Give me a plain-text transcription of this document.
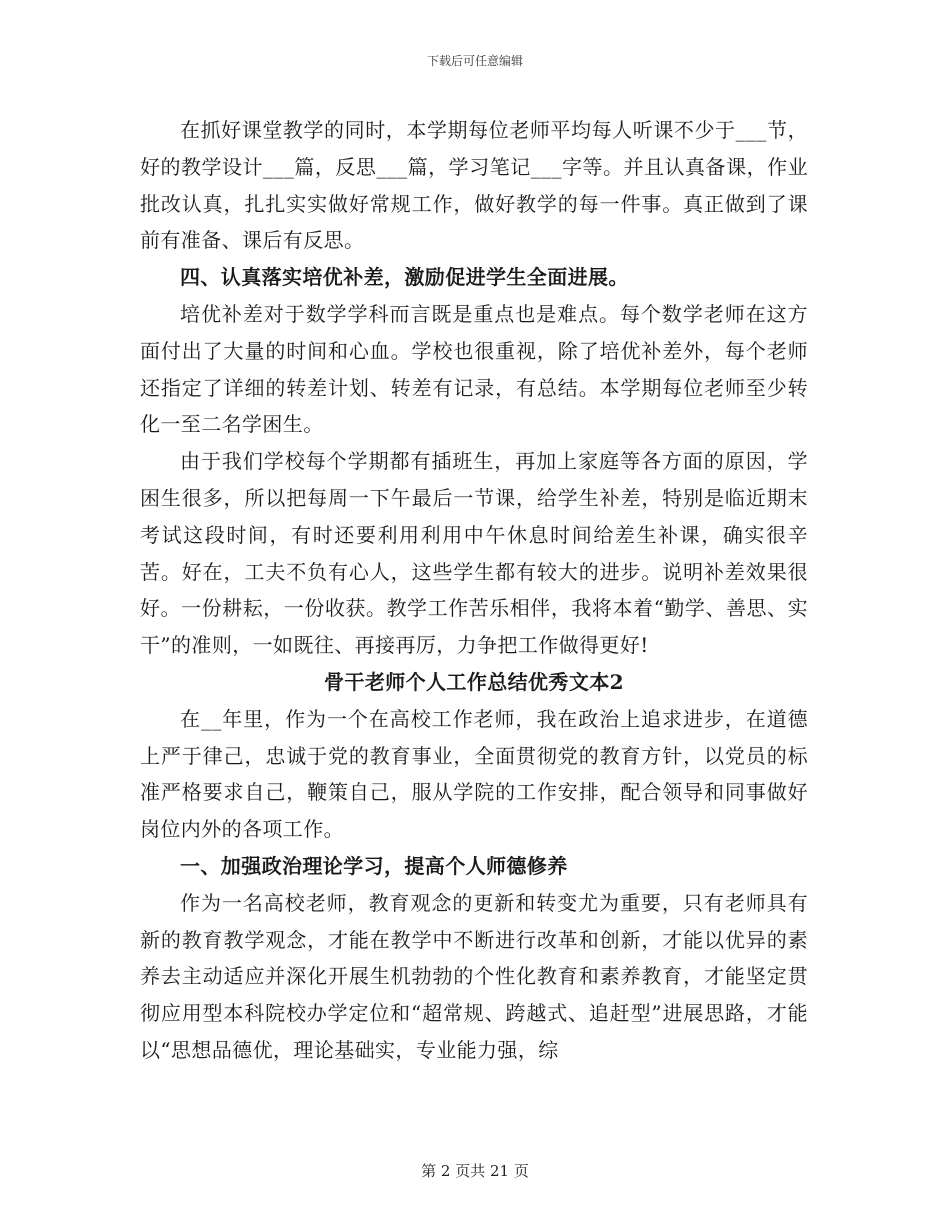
下载后可任意编辑

在抓好课堂教学的同时，本学期每位老师平均每人听课不少于___节，好的教学设计___篇，反思___篇，学习笔记___字等。并且认真备课，作业批改认真，扎扎实实做好常规工作，做好教学的每一件事。真正做到了课前有准备、课后有反思。

四、认真落实培优补差，激励促进学生全面进展。

培优补差对于数学学科而言既是重点也是难点。每个数学老师在这方面付出了大量的时间和心血。学校也很重视，除了培优补差外，每个老师还指定了详细的转差计划、转差有记录，有总结。本学期每位老师至少转化一至二名学困生。

由于我们学校每个学期都有插班生，再加上家庭等各方面的原因，学困生很多，所以把每周一下午最后一节课，给学生补差，特别是临近期末考试这段时间，有时还要利用利用中午休息时间给差生补课，确实很辛苦。好在，工夫不负有心人，这些学生都有较大的进步。说明补差效果很好。一份耕耘，一份收获。教学工作苦乐相伴，我将本着“勤学、善思、实干”的准则，一如既往、再接再厉，力争把工作做得更好!

骨干老师个人工作总结优秀文本2

在__年里，作为一个在高校工作老师，我在政治上追求进步，在道德上严于律己，忠诚于党的教育事业，全面贯彻党的教育方针，以党员的标准严格要求自己，鞭策自己，服从学院的工作安排，配合领导和同事做好岗位内外的各项工作。

一、加强政治理论学习，提高个人师德修养

作为一名高校老师，教育观念的更新和转变尤为重要，只有老师具有新的教育教学观念，才能在教学中不断进行改革和创新，才能以优异的素养去主动适应并深化开展生机勃勃的个性化教育和素养教育，才能坚定贯彻应用型本科院校办学定位和“超常规、跨越式、追赶型”进展思路，才能以“思想品德优，理论基础实，专业能力强，综

第 2 页共 21 页
